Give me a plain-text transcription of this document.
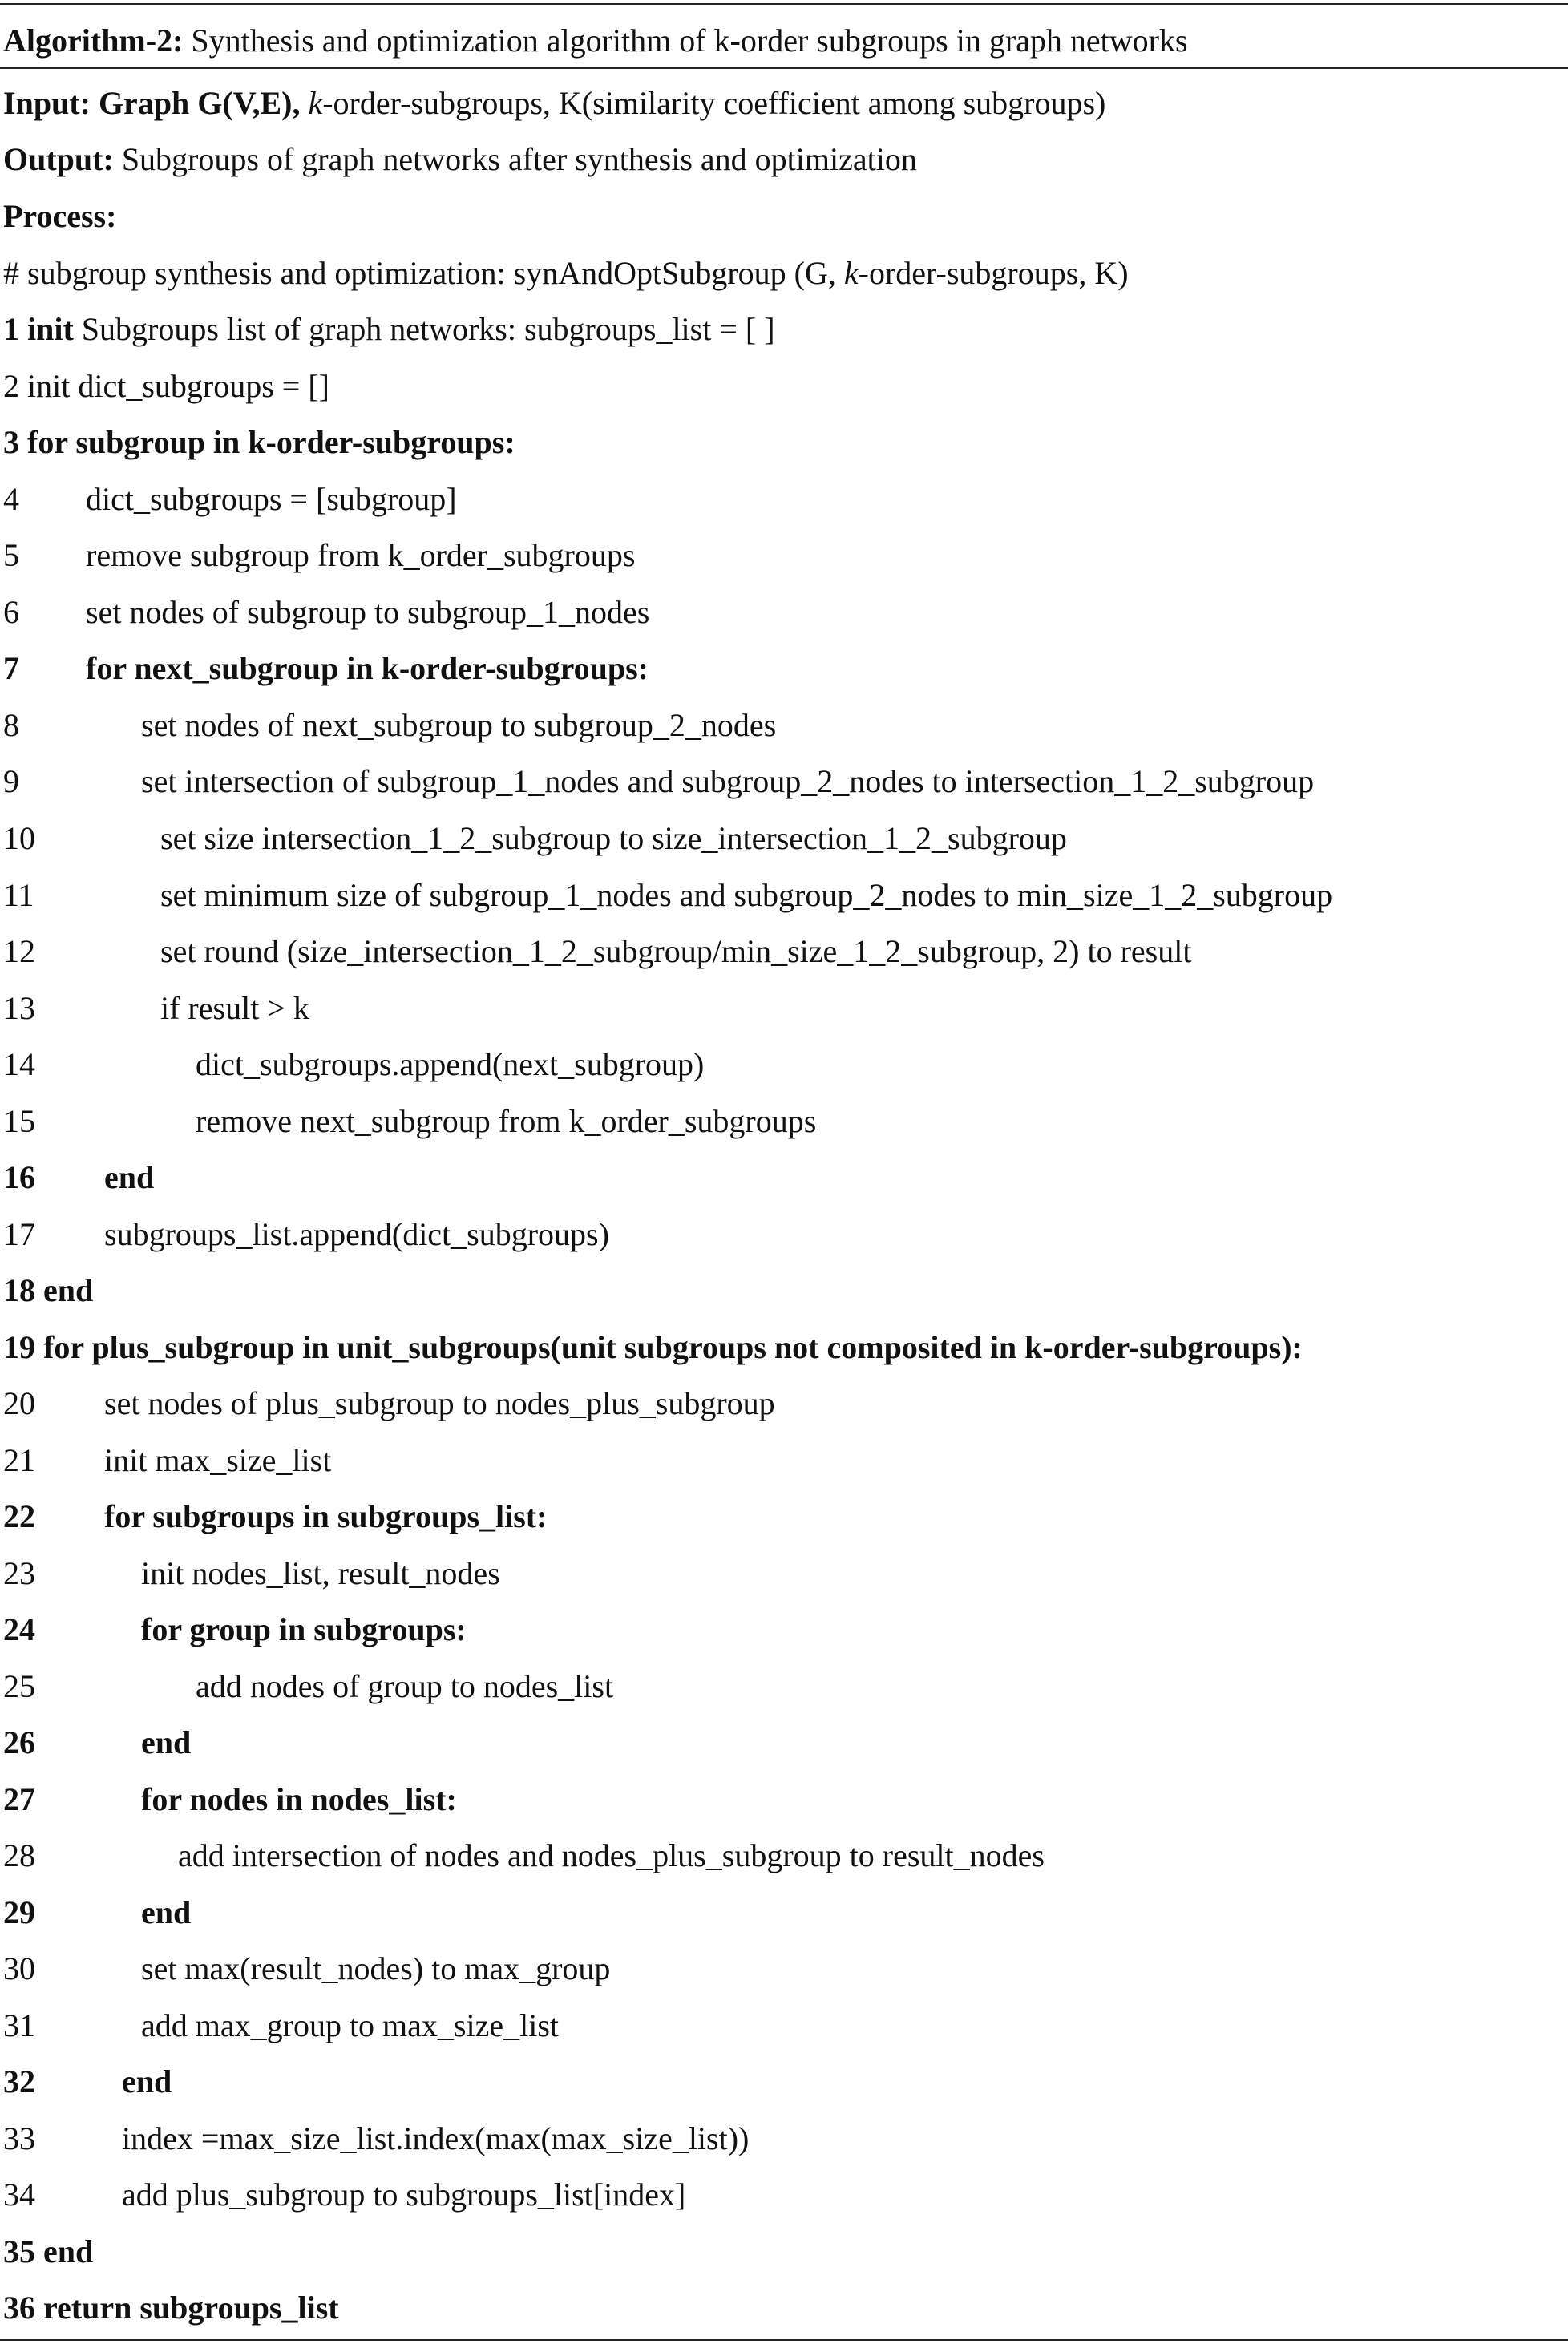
Algorithm-2: Synthesis and optimization algorithm of k-order subgroups in graph networks
Input: Graph G(V,E), k-order-subgroups, K(similarity coefficient among subgroups)
Output: Subgroups of graph networks after synthesis and optimization
Process:
# subgroup synthesis and optimization: synAndOptSubgroup (G, k-order-subgroups, K)
1 init Subgroups list of graph networks: subgroups_list = [ ]
2 init dict_subgroups = []
3 for subgroup in k-order-subgroups:
4 dict_subgroups = [subgroup]
5 remove subgroup from k_order_subgroups
6 set nodes of subgroup to subgroup_1_nodes
7 for next_subgroup in k-order-subgroups:
8	set nodes of next_subgroup to subgroup_2_nodes
9	set intersection of subgroup_1_nodes and subgroup_2_nodes to intersection_1_2_subgroup
10	set size intersection_1_2_subgroup to size_intersection_1_2_subgroup
11	set minimum size of subgroup_1_nodes and subgroup_2_nodes to min_size_1_2_subgroup
12	set round (size_intersection_1_2_subgroup/min_size_1_2_subgroup, 2) to result
13	if result > k
14	dict_subgroups.append(next_subgroup)
15	remove next_subgroup from k_order_subgroups
16 end
17 subgroups_list.append(dict_subgroups)
18 end
19 for plus_subgroup in unit_subgroups(unit subgroups not composited in k-order-subgroups):
20 set nodes of plus_subgroup to nodes_plus_subgroup
21 init max_size_list
22 for subgroups in subgroups_list:
23	init nodes_list, result_nodes
24	for group in subgroups:
25	add nodes of group to nodes_list
26	end
27	for nodes in nodes_list:
28	add intersection of nodes and nodes_plus_subgroup to result_nodes
29	end
30	set max(result_nodes) to max_group
31	add max_group to max_size_list
32	end
33	index =max_size_list.index(max(max_size_list))
34	add plus_subgroup to subgroups_list[index]
35 end
36 return subgroups_list
